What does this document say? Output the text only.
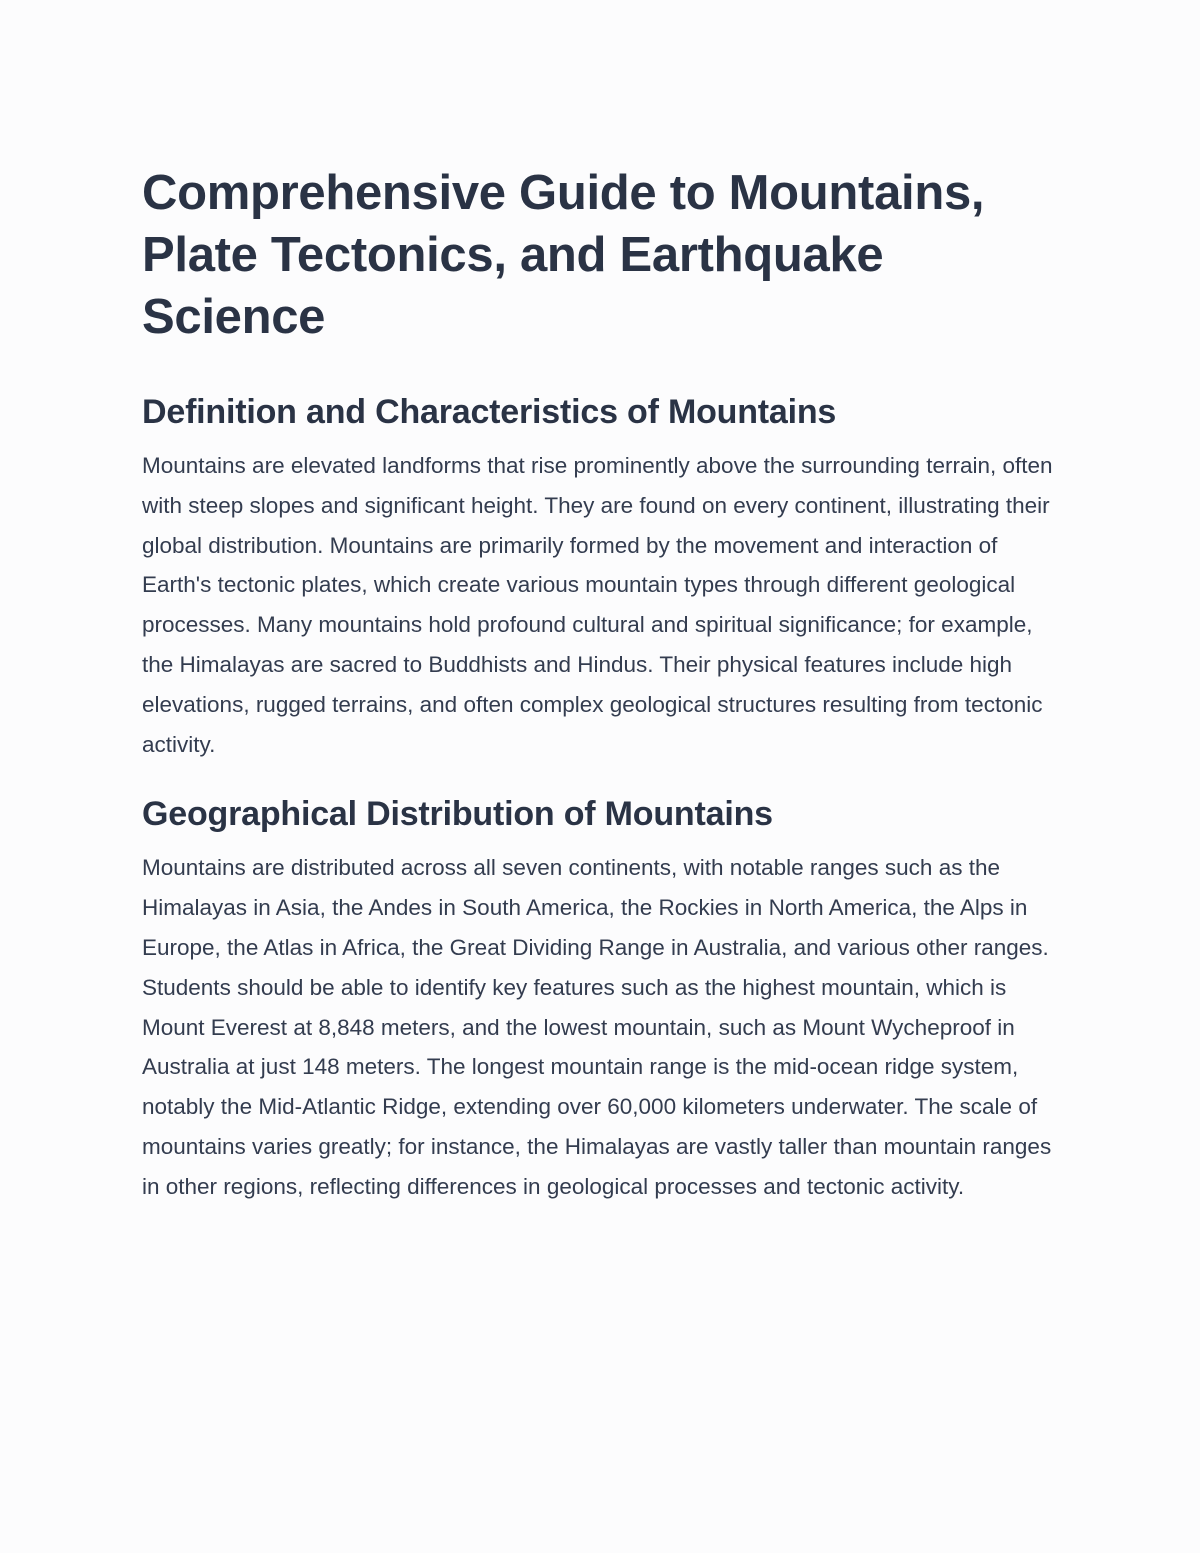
Comprehensive Guide to Mountains, Plate Tectonics, and Earthquake Science
Definition and Characteristics of Mountains

Mountains are elevated landforms that rise prominently above the surrounding terrain, often with steep slopes and significant height. They are found on every continent, illustrating their global distribution. Mountains are primarily formed by the movement and interaction of Earth's tectonic plates, which create various mountain types through different geological processes. Many mountains hold profound cultural and spiritual significance; for example, the Himalayas are sacred to Buddhists and Hindus. Their physical features include high elevations, rugged terrains, and often complex geological structures resulting from tectonic activity.

Geographical Distribution of Mountains

Mountains are distributed across all seven continents, with notable ranges such as the Himalayas in Asia, the Andes in South America, the Rockies in North America, the Alps in Europe, the Atlas in Africa, the Great Dividing Range in Australia, and various other ranges. Students should be able to identify key features such as the highest mountain, which is Mount Everest at 8,848 meters, and the lowest mountain, such as Mount Wycheproof in Australia at just 148 meters. The longest mountain range is the mid-ocean ridge system, notably the Mid-Atlantic Ridge, extending over 60,000 kilometers underwater. The scale of mountains varies greatly; for instance, the Himalayas are vastly taller than mountain ranges in other regions, reflecting differences in geological processes and tectonic activity.
